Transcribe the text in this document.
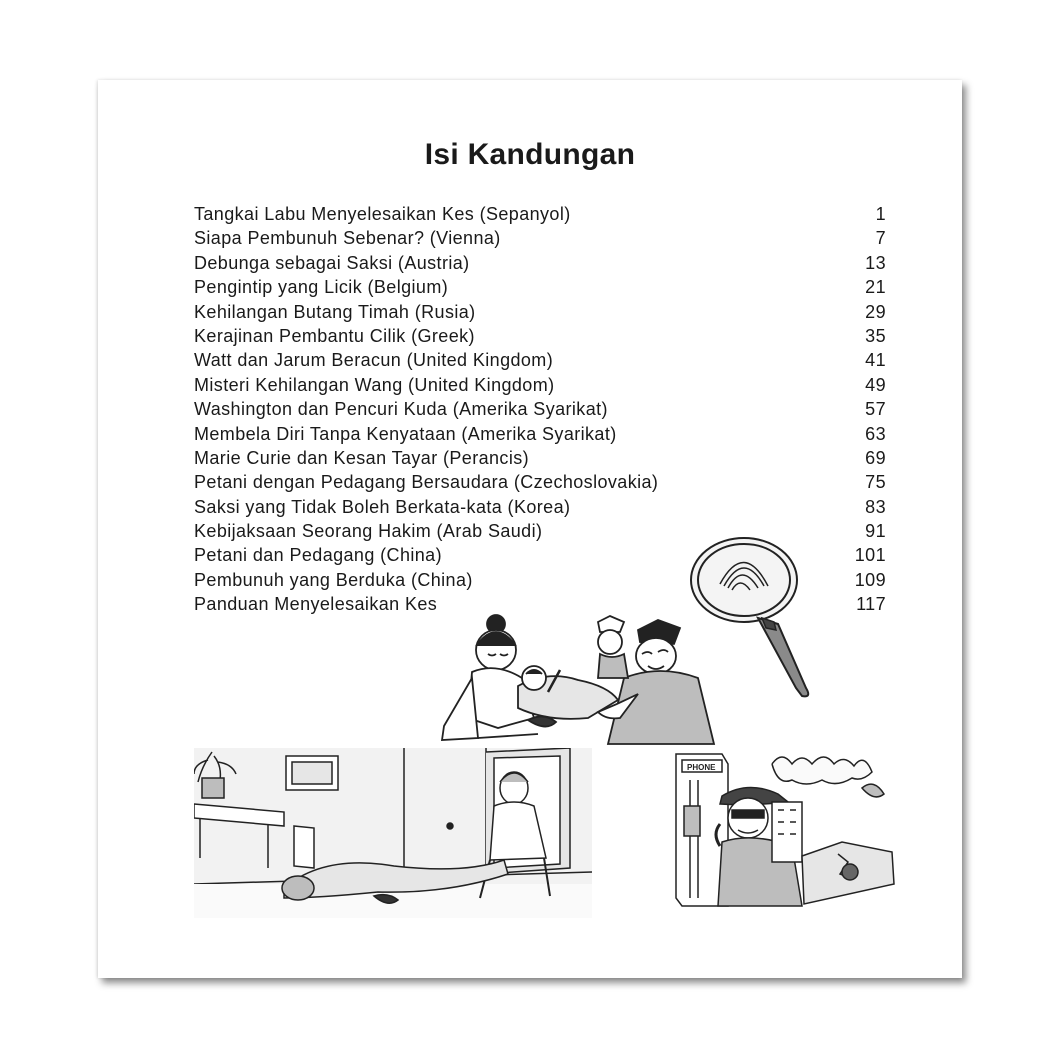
Isi Kandungan
Tangkai Labu Menyelesaikan Kes (Sepanyol)	1
Siapa Pembunuh Sebenar? (Vienna)	7
Debunga sebagai Saksi (Austria)	13
Pengintip yang Licik (Belgium)	21
Kehilangan Butang Timah (Rusia)	29
Kerajinan Pembantu Cilik (Greek)	35
Watt dan Jarum Beracun (United Kingdom)	41
Misteri Kehilangan Wang (United Kingdom)	49
Washington dan Pencuri Kuda (Amerika Syarikat)	57
Membela Diri Tanpa Kenyataan (Amerika Syarikat)	63
Marie Curie dan Kesan Tayar (Perancis)	69
Petani dengan Pedagang Bersaudara (Czechoslovakia)	75
Saksi yang Tidak Boleh Berkata-kata (Korea)	83
Kebijaksaan Seorang Hakim (Arab Saudi)	91
Petani dan Pedagang (China)	101
Pembunuh yang Berduka (China)	109
Panduan Menyelesaikan Kes	117
PHONE
